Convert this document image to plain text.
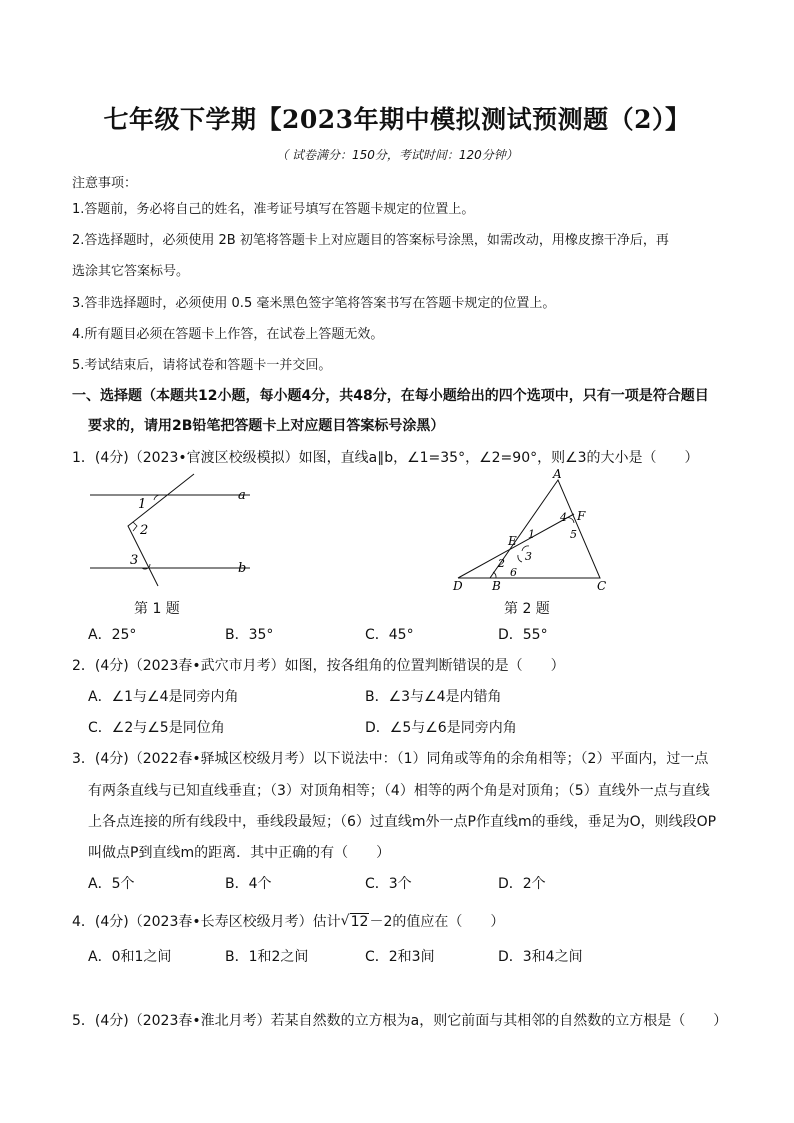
七年级下学期【2023年期中模拟测试预测题（2）】
（ 试卷满分：150分，考试时间：120分钟）
注意事项：
1.答题前，务必将自己的姓名，准考证号填写在答题卡规定的位置上。
2.答选择题时，必须使用 2B 初笔将答题卡上对应题目的答案标号涂黑，如需改动，用橡皮擦干净后，再
选涂其它答案标号。
3.答非选择题时，必须使用 0.5 毫米黑色签字笔将答案书写在答题卡规定的位置上。
4.所有题目必须在答题卡上作答，在试卷上答题无效。
5.考试结束后，请将试卷和答题卡一并交回。
一、选择题（本题共12小题，每小题4分，共48分，在每小题给出的四个选项中，只有一项是符合题目
要求的，请用2B铅笔把答题卡上对应题目答案标号涂黑）
1．(4分)（2023•官渡区校级模拟）如图，直线a∥b，∠1=35°，∠2=90°，则∠3的大小是（　　）
1
2
3
a
b
第 1 题
A
F
4
5
E 1
3
2
6
D B	C
第 2 题
A．25°	B．35°	C．45°	D．55°
2．(4分)（2023春•武穴市月考）如图，按各组角的位置判断错误的是（　　）
A．∠1与∠4是同旁内角	B．∠3与∠4是内错角
C．∠2与∠5是同位角	D．∠5与∠6是同旁内角
3．(4分)（2022春•驿城区校级月考）以下说法中：（1）同角或等角的余角相等；（2）平面内，过一点
有两条直线与已知直线垂直；（3）对顶角相等；（4）相等的两个角是对顶角；（5）直线外一点与直线
上各点连接的所有线段中，垂线段最短；（6）过直线m外一点P作直线m的垂线，垂足为O，则线段OP
叫做点P到直线m的距离．其中正确的有（　　）
A．5个	B．4个	C．3个	D．2个
4．(4分)（2023春•长寿区校级月考）估计 √ 12－2的值应在（　　）
A．0和1之间	B．1和2之间	C．2和3间	D．3和4之间
5．(4分)（2023春•淮北月考）若某自然数的立方根为a，则它前面与其相邻的自然数的立方根是（　　）
